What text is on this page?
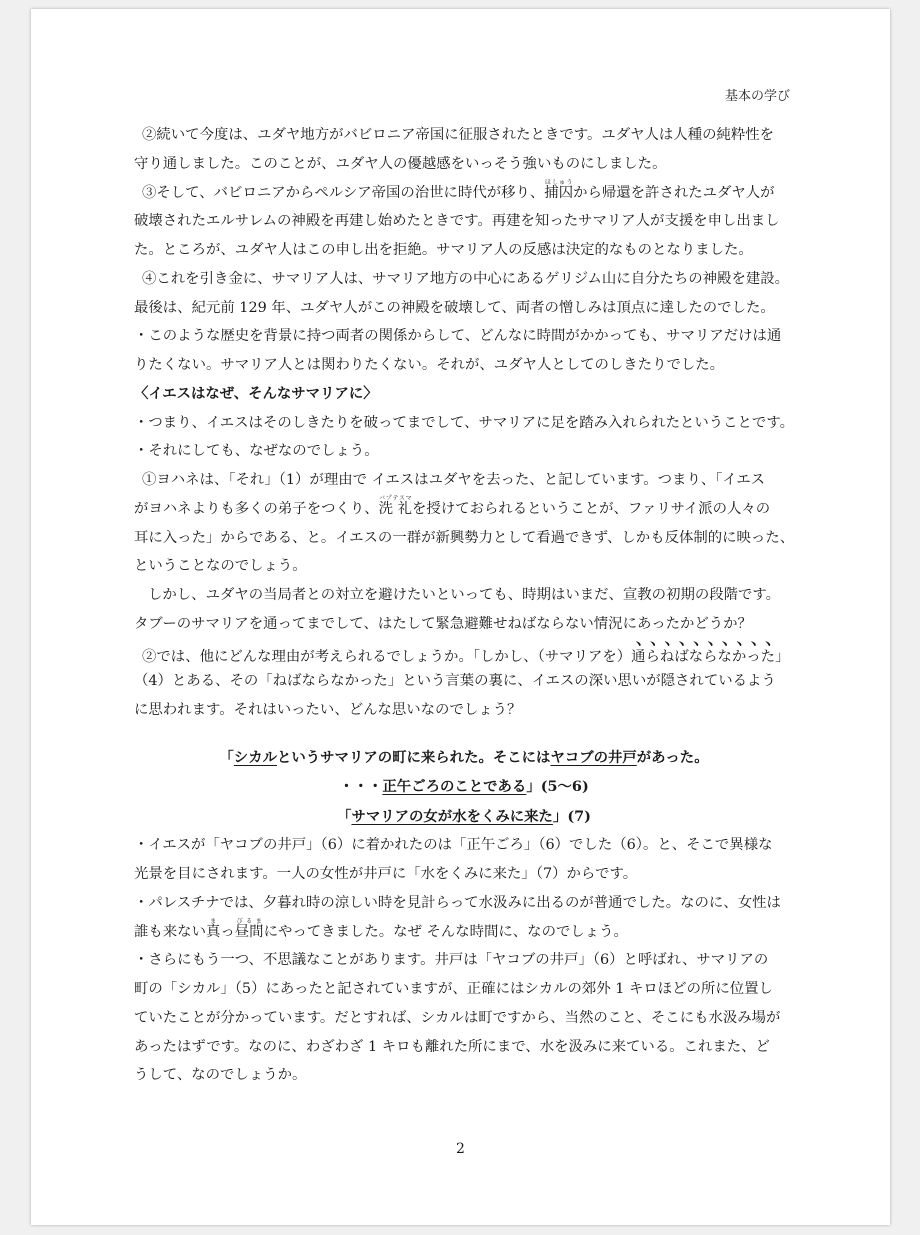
基本の学び
②続いて今度は、ユダヤ地方がバビロニア帝国に征服されたときです。ユダヤ人は人種の純粋性を
守り通しました。このことが、ユダヤ人の優越感をいっそう強いものにしました。
③そして、バビロニアからペルシア帝国の治世に時代が移り、捕囚ほしゅうから帰還を許されたユダヤ人が
破壊されたエルサレムの神殿を再建し始めたときです。再建を知ったサマリア人が支援を申し出まし
た。ところが、ユダヤ人はこの申し出を拒絶。サマリア人の反感は決定的なものとなりました。
④これを引き金に、サマリア人は、サマリア地方の中心にあるゲリジム山に自分たちの神殿を建設。
最後は、紀元前 129 年、ユダヤ人がこの神殿を破壊して、両者の憎しみは頂点に達したのでした。
・このような歴史を背景に持つ両者の関係からして、どんなに時間がかかっても、サマリアだけは通
りたくない。サマリア人とは関わりたくない。それが、ユダヤ人としてのしきたりでした。
〈イエスはなぜ、そんなサマリアに〉
・つまり、イエスはそのしきたりを破ってまでして、サマリアに足を踏み入れられたということです。
・それにしても、なぜなのでしょう。
①ヨハネは、「それ」（1）が理由で イエスはユダヤを去った、と記しています。つまり、「イエス
がヨハネよりも多くの弟子をつくり、洗 礼バプテスマを授けておられるということが、ファリサイ派の人々の
耳に入った」からである、と。イエスの一群が新興勢力として看過できず、しかも反体制的に映った、
ということなのでしょう。
しかし、ユダヤの当局者との対立を避けたいといっても、時期はいまだ、宣教の初期の段階です。
タブーのサマリアを通ってまでして、はたして緊急避難せねばならない情況にあったかどうか？
②では、他にどんな理由が考えられるでしょうか。「しかし、（サマリアを）通らねばならなかった」
（4）とある、その「ねばならなかった」という言葉の裏に、イエスの深い思いが隠されているよう
に思われます。それはいったい、どんな思いなのでしょう？
「シカルというサマリアの町に来られた。そこにはヤコブの井戸があった。
・・・正午ごろのことである」(5〜6)
「サマリアの女が水をくみに来た」(7)
・イエスが「ヤコブの井戸」（6）に着かれたのは「正午ごろ」（6）でした（6）。と、そこで異様な
光景を目にされます。一人の女性が井戸に「水をくみに来た」（7）からです。
・パレスチナでは、夕暮れ時の涼しい時を見計らって水汲みに出るのが普通でした。なのに、女性は
誰も来ない真まっ昼間ぴるまにやってきました。なぜ そんな時間に、なのでしょう。
・さらにもう一つ、不思議なことがあります。井戸は「ヤコブの井戸」（6）と呼ばれ、サマリアの
町の「シカル」（5）にあったと記されていますが、正確にはシカルの郊外 1 キロほどの所に位置し
ていたことが分かっています。だとすれば、シカルは町ですから、当然のこと、そこにも水汲み場が
あったはずです。なのに、わざわざ 1 キロも離れた所にまで、水を汲みに来ている。これまた、ど
うして、なのでしょうか。
2
